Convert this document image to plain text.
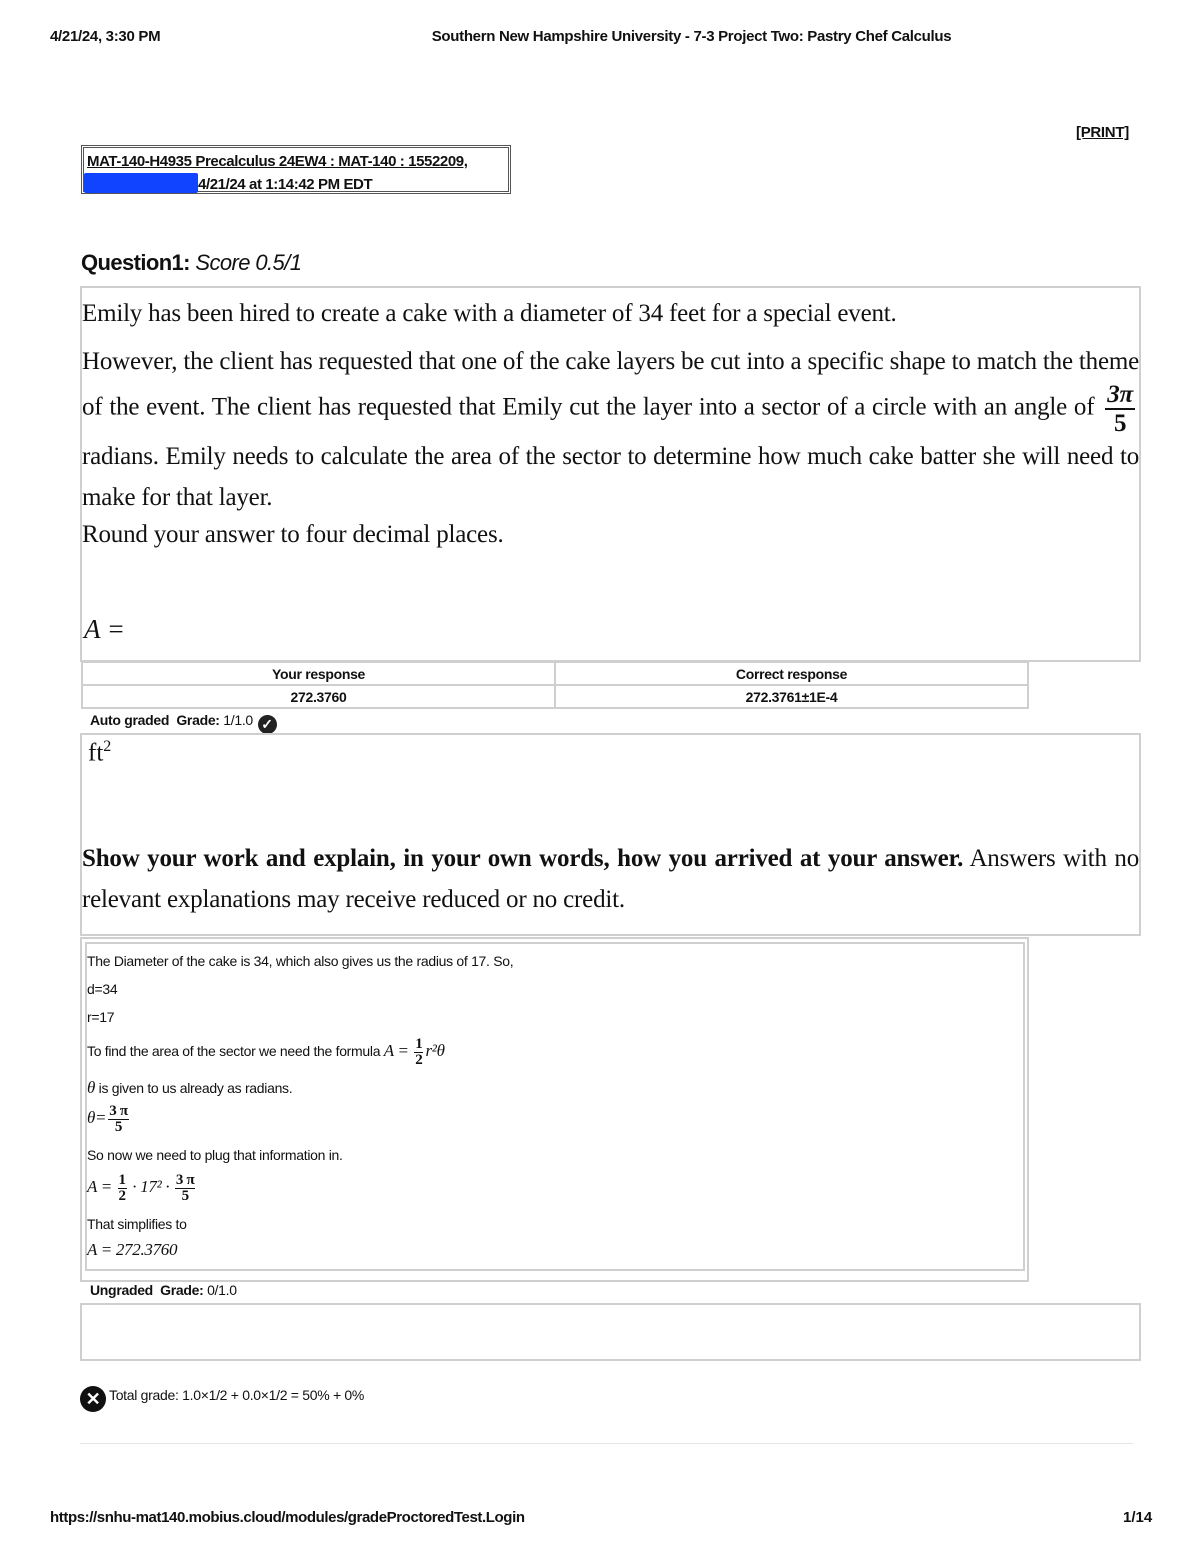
4/21/24, 3:30 PM	Southern New Hampshire University - 7-3 Project Two: Pastry Chef Calculus
[PRINT]
MAT-140-H4935 Precalculus 24EW4 : MAT-140 : 1552209,
4/21/24 at 1:14:42 PM EDT
Question1: Score 0.5/1
Emily has been hired to create a cake with a diameter of 34 feet for a special event.
However, the client has requested that one of the cake layers be cut into a specific shape to match the theme of the event. The client has requested that Emily cut the layer into a sector of a circle with an angle of $\frac{3\pi}{5}$
radians. Emily needs to calculate the area of the sector to determine how much cake batter she will need to make for that layer.
Round your answer to four decimal places.
A =
Your response	Correct response
272.3760	272.3761±1E-4
Auto graded Grade: 1/1.0 ✓
$ft^2$
Show your work and explain, in your own words, how you arrived at your answer. Answers with no relevant explanations may receive reduced or no credit.
The Diameter of the cake is 34, which also gives us the radius of 17. So,
d=34
r=17
To find the area of the sector we need the formula $A = \frac{1}{2} r^2\theta$
θ is given to us already as radians.
$\theta= \frac{3 \pi}{5}$
So now we need to plug that information in.
$A = \frac{1}{2} \cdot 17^2 \cdot \frac{3 \pi}{5}$
That simplifies to
A = 272.3760
Ungraded Grade: 0/1.0
✕ Total grade: 1.0×1/2 + 0.0×1/2 = 50% + 0%
https://snhu-mat140.mobius.cloud/modules/gradeProctoredTest.Login	1/14
